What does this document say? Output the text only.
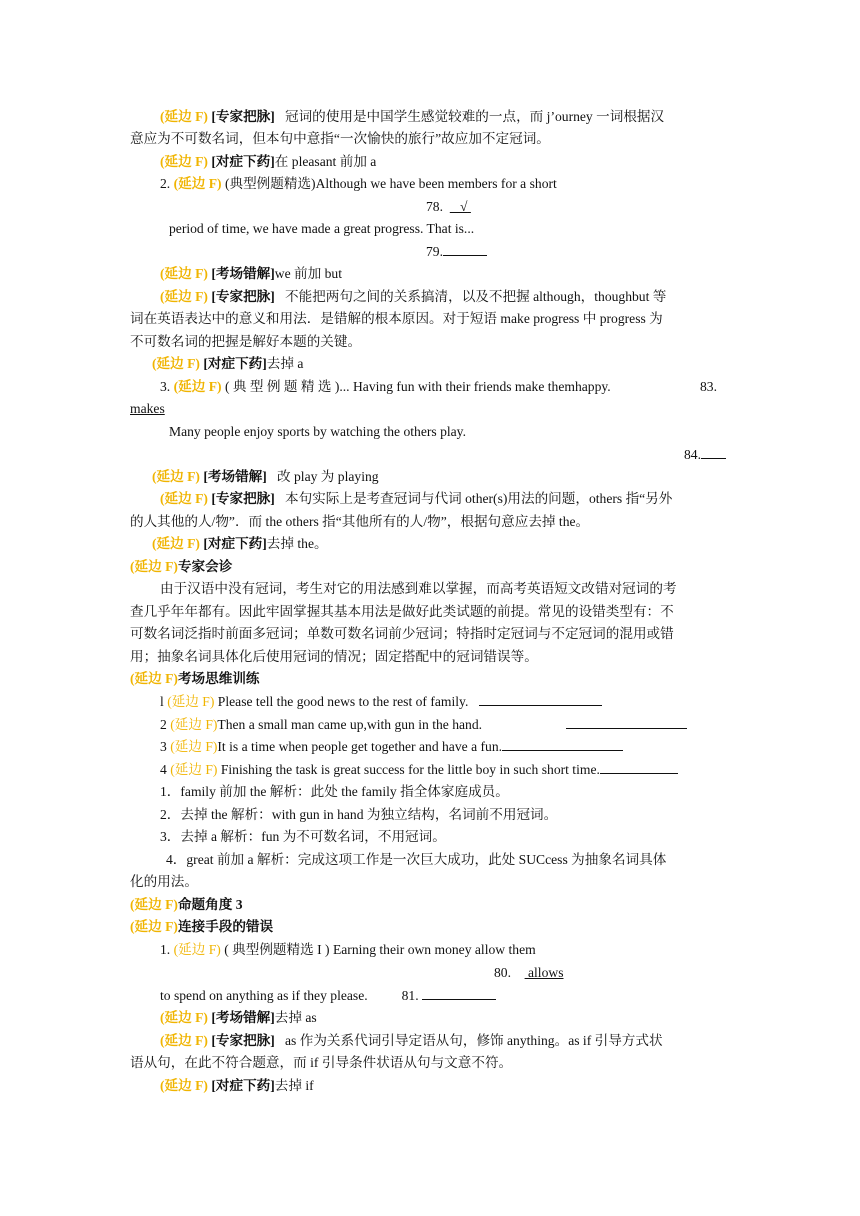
(延边 F) [专家把脉] 冠词的使用是中国学生感觉较难的一点，而 j’ourney 一词根据汉
意应为不可数名词，但本句中意指“一次愉快的旅行”故应加不定冠词。
(延边 F) [对症下药]在 pleasant 前加 a
2. (延边 F) (典型例题精选)Although we have been members for a short
78. √
period of time, we have made a great progress. That is...
79.
(延边 F) [考场错解]we 前加 but
(延边 F) [专家把脉] 不能把两句之间的关系搞清，以及不把握 although，thoughbut 等
词在英语表达中的意义和用法．是错解的根本原因。对于短语 make progress 中 progress 为
不可数名词的把握是解好本题的关键。
(延边 F) [对症下药]去掉 a
3. (延边 F) ( 典 型 例 题 精 选 )... Having fun with their friends make themhappy.	83.
makes
Many people enjoy sports by watching the others play.
84.
(延边 F) [考场错解] 改 play 为 playing
(延边 F) [专家把脉] 本句实际上是考查冠词与代词 other(s)用法的问题，others 指“另外
的人其他的人/物”．而 the others 指“其他所有的人/物”，根据句意应去掉 the。
(延边 F) [对症下药]去掉 the。
(延边 F)专家会诊
由于汉语中没有冠词，考生对它的用法感到难以掌握，而高考英语短文改错对冠词的考
查几乎年年都有。因此牢固掌握其基本用法是做好此类试题的前提。常见的设错类型有：不
可数名词泛指时前面多冠词；单数可数名词前少冠词；特指时定冠词与不定冠词的混用或错
用；抽象名词具体化后使用冠词的情况；固定搭配中的冠词错误等。
(延边 F)考场思维训练
l (延边 F) Please tell the good news to the rest of family.
2 (延边 F)Then a small man came up,with gun in the hand.
3 (延边 F)It is a time when people get together and have a fun.
4 (延边 F) Finishing the task is great success for the little boy in such short time.
1．family 前加 the 解析：此处 the family 指全体家庭成员。
2．去掉 the 解析：with gun in hand 为独立结构，名词前不用冠词。
3．去掉 a 解析：fun 为不可数名词，不用冠词。
4．great 前加 a 解析：完成这项工作是一次巨大成功，此处 SUCcess 为抽象名词具体
化的用法。
(延边 F)命题角度 3
(延边 F)连接手段的错误
1. (延边 F) ( 典型例题精选 I ) Earning their own money allow them
80. allows
to spend on anything as if they please. 81.
(延边 F) [考场错解]去掉 as
(延边 F) [专家把脉] as 作为关系代词引导定语从句，修饰 anything。as if 引导方式状
语从句，在此不符合题意，而 if 引导条件状语从句与文意不符。
(延边 F) [对症下药]去掉 if
